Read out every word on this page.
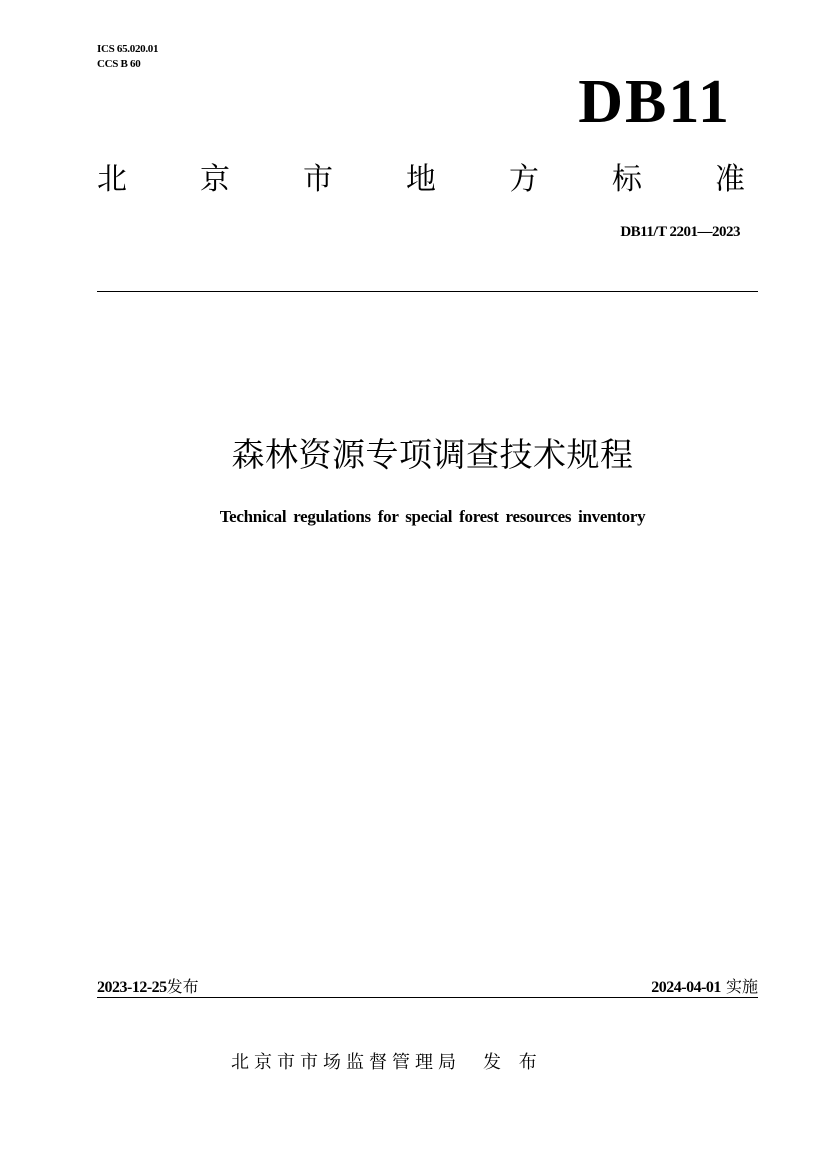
ICS 65.020.01
CCS B 60
DB11
北 京 市 地 方 标 准
DB11/T 2201—2023
森林资源专项调查技术规程
Technical regulations for special forest resources inventory
2023-12-25发布	2024-04-01 实施
北京市市场监督管理局 发 布
